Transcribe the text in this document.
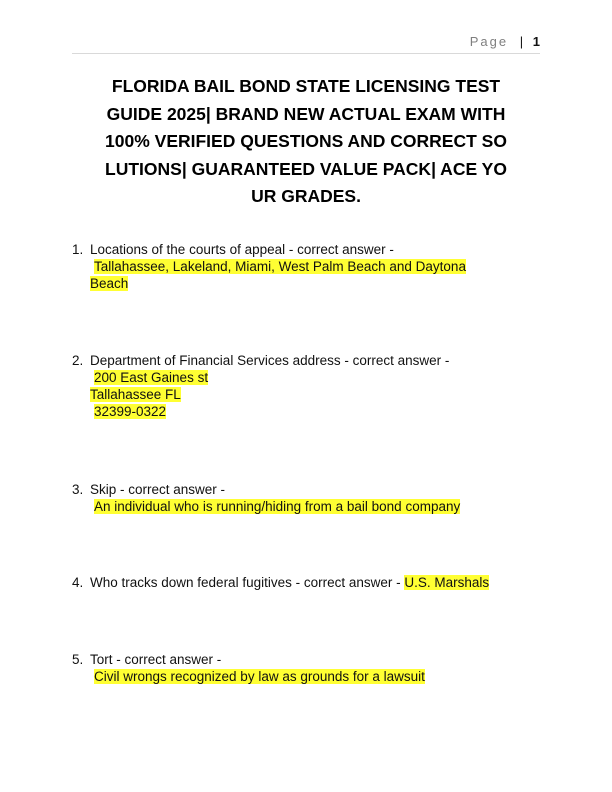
Page | 1
FLORIDA BAIL BOND STATE LICENSING TEST
GUIDE 2025| BRAND NEW ACTUAL EXAM WITH
100% VERIFIED QUESTIONS AND CORRECT SO
LUTIONS| GUARANTEED VALUE PACK| ACE YO
UR GRADES.
1. Locations of the courts of appeal - correct answer -
Tallahassee, Lakeland, Miami, West Palm Beach and Daytona
Beach
2. Department of Financial Services address - correct answer -
200 East Gaines st
Tallahassee FL
32399-0322
3. Skip - correct answer -
An individual who is running/hiding from a bail bond company
4. Who tracks down federal fugitives - correct answer - U.S. Marshals
5. Tort - correct answer -
Civil wrongs recognized by law as grounds for a lawsuit
